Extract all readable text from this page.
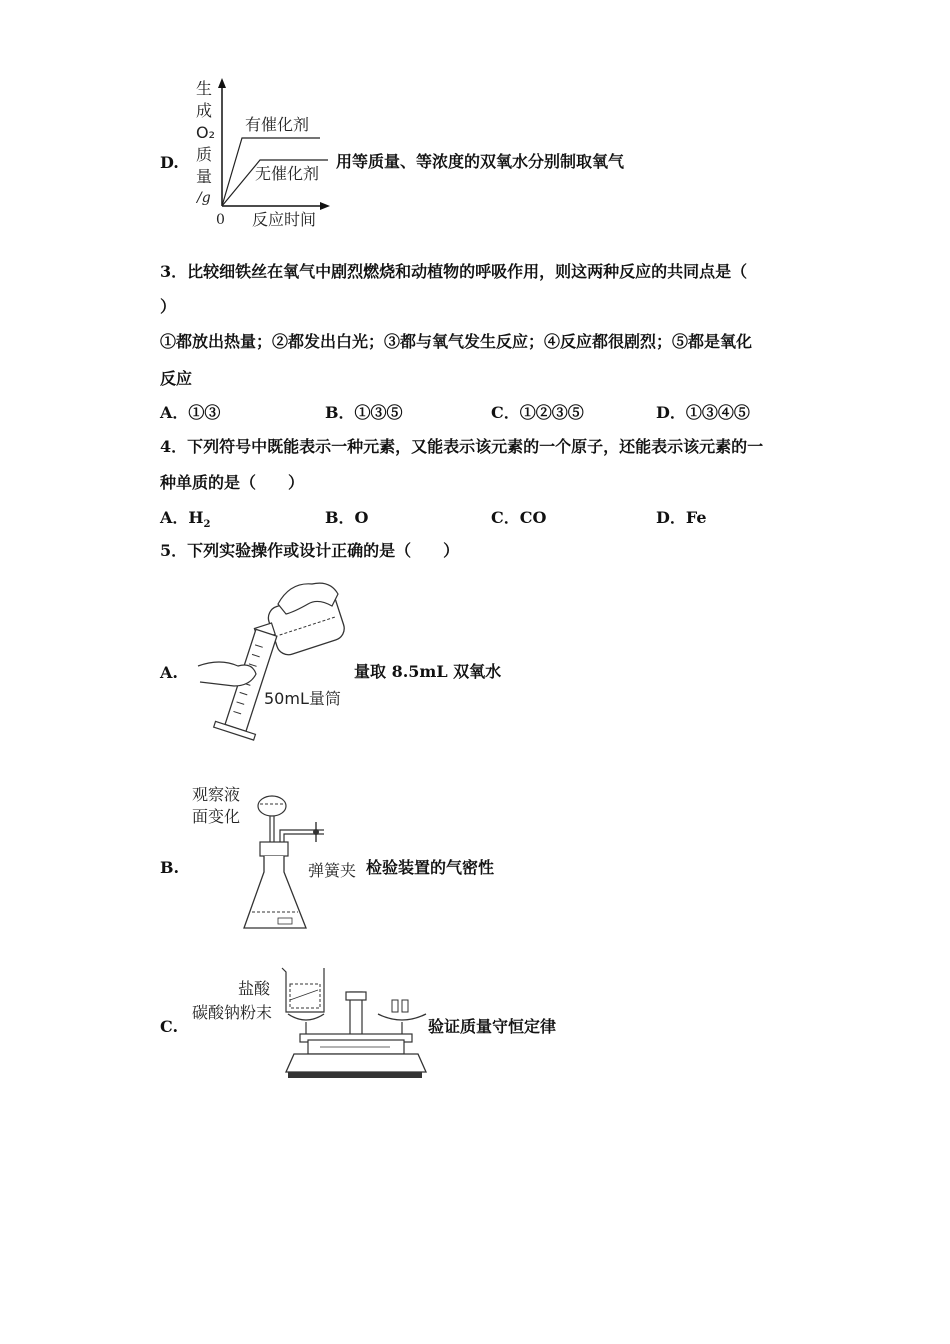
D.
生
成
O₂
质
量
/g
0 反应时间
有催化剂
无催化剂
用等质量、等浓度的双氧水分别制取氧气
3．比较细铁丝在氧气中剧烈燃烧和动植物的呼吸作用，则这两种反应的共同点是（
）
①都放出热量；②都发出白光；③都与氧气发生反应；④反应都很剧烈；⑤都是氧化
反应
A．①③	B．①③⑤	C．①②③⑤	D．①③④⑤
4．下列符号中既能表示一种元素，又能表示该元素的一个原子，还能表示该元素的一
种单质的是（　　）
A．$H_2$	B．O	C．CO	D．Fe
5．下列实验操作或设计正确的是（　　）
A.
50mL量筒
量取 8.5mL 双氧水
B.
观察液
面变化
弹簧夹 检验装置的气密性
C.
盐酸
碳酸钠粉末
验证质量守恒定律
